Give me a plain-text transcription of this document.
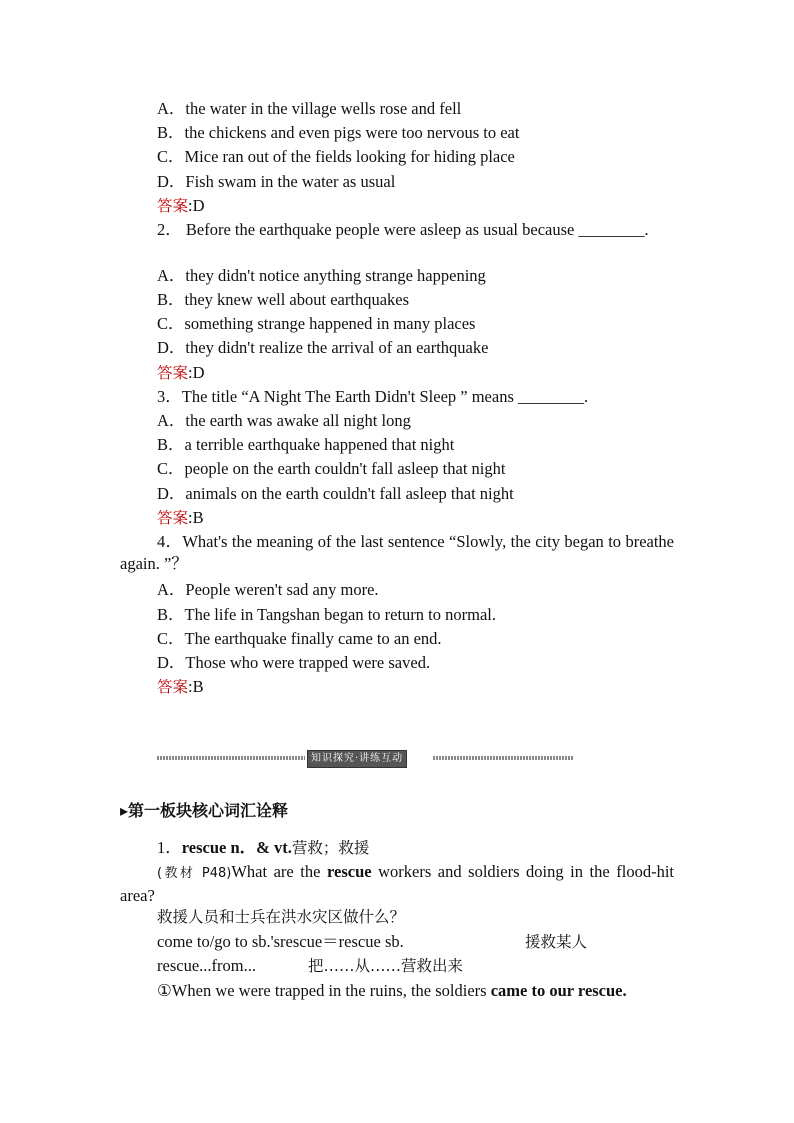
A．the water in the village wells rose and fell
B．the chickens and even pigs were too nervous to eat
C．Mice ran out of the fields looking for hiding place
D．Fish swam in the water as usual
答案:D
2． Before the earthquake people were asleep as usual because ________.
A．they didn't notice anything strange happening
B．they knew well about earthquakes
C．something strange happened in many places
D．they didn't realize the arrival of an earthquake
答案:D
3．The title “A Night The Earth Didn't Sleep ” means ________.
A．the earth was awake all night long
B．a terrible earthquake happened that night
C．people on the earth couldn't fall asleep that night
D．animals on the earth couldn't fall asleep that night
答案:B
4．What's the meaning of the last sentence “Slowly, the city began to breathe again. ”？
A．People weren't sad any more.
B．The life in Tangshan began to return to normal.
C．The earthquake finally came to an end.
D．Those who were trapped were saved.
答案:B
知识探究·讲练互动
▸第一板块核心词汇诠释
1．rescue n．& vt.营救；救援
(教材 P48)What are the rescue workers and soldiers doing in the flood-hit area?
救援人员和士兵在洪水灾区做什么？
come to/go to sb.'srescue＝rescue sb.	援救某人
rescue...from...	把……从……营救出来
①When we were trapped in the ruins, the soldiers came to our rescue.
